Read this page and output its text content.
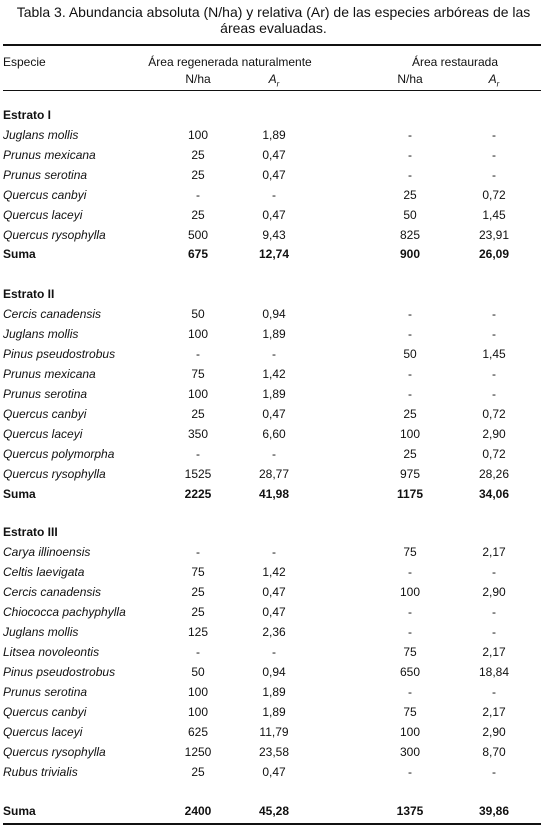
Tabla 3. Abundancia absoluta (N/ha) y relativa (Ar) de las especies arbóreas de las
áreas evaluadas.
Especie	Área regenerada naturalmente	Área restaurada
N/ha	$A_r$	N/ha	$A_r$
Estrato I
Juglans mollis	100	1,89	-	-
Prunus mexicana	25	0,47	-	-
Prunus serotina	25	0,47	-	-
Quercus canbyi	-	-	25	0,72
Quercus laceyi	25	0,47	50	1,45
Quercus rysophylla	500	9,43	825	23,91
Suma	675	12,74	900	26,09
Estrato II
Cercis canadensis	50	0,94	-	-
Juglans mollis	100	1,89	-	-
Pinus pseudostrobus	-	-	50	1,45
Prunus mexicana	75	1,42	-	-
Prunus serotina	100	1,89	-	-
Quercus canbyi	25	0,47	25	0,72
Quercus laceyi	350	6,60	100	2,90
Quercus polymorpha	-	-	25	0,72
Quercus rysophylla	1525	28,77	975	28,26
Suma	2225	41,98	1175	34,06
Estrato III
Carya illinoensis	-	-	75	2,17
Celtis laevigata	75	1,42	-	-
Cercis canadensis	25	0,47	100	2,90
Chiococca pachyphylla	25	0,47	-	-
Juglans mollis	125	2,36	-	-
Litsea novoleontis	-	-	75	2,17
Pinus pseudostrobus	50	0,94	650	18,84
Prunus serotina	100	1,89	-	-
Quercus canbyi	100	1,89	75	2,17
Quercus laceyi	625	11,79	100	2,90
Quercus rysophylla	1250	23,58	300	8,70
Rubus trivialis	25	0,47	-	-
Suma	2400	45,28	1375	39,86
